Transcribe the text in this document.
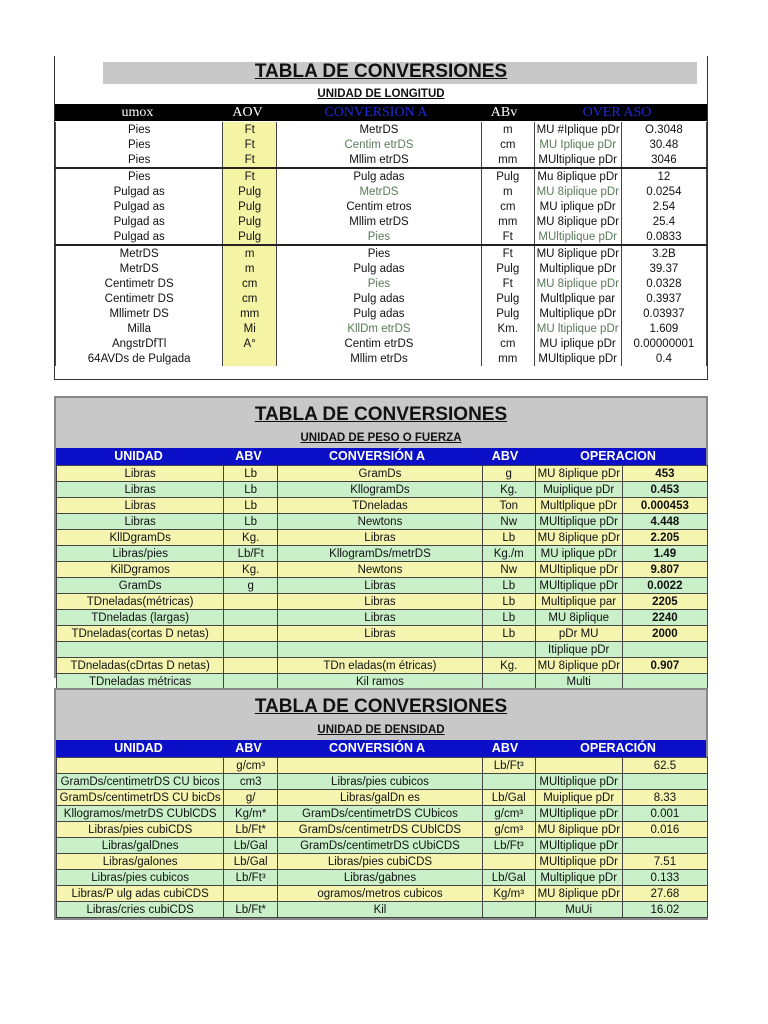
TABLA DE CONVERSIONES
UNIDAD DE LONGITUD
umox	AOV	CONVERSION A	ABv	OVER ASO
Pies	Ft	MetrDS	m	MU #Iplique pDr	O.3048
Pies	Ft	Centim etrDS	cm	MU Iplique pDr	30.48
Pies	Ft	Mllim etrDS	mm	MUltiplique pDr	3046
Pies	Ft	Pulg adas	Pulg	Mu 8iplique pDr	12
Pulgad as	Pulg	MetrDS	m	MU 8iplique pDr	0.0254
Pulgad as	Pulg	Centim etros	cm	MU iplique pDr	2.54
Pulgad as	Pulg	Mllim etrDS	mm	MU 8iplique pDr	25.4
Pulgad as	Pulg	Pies	Ft	MUltiplique pDr	0.0833
MetrDS	m	Pies	Ft	MU 8iplique pDr	3.2B
MetrDS	m	Pulg adas	Pulg	Multiplique pDr	39.37
Centimetr DS	cm	Pies	Ft	MU 8iplique pDr	0.0328
Centimetr DS	cm	Pulg adas	Pulg	Multlplique par	0.3937
Mllimetr DS	mm	Pulg adas	Pulg	Multiplique pDr	0.03937
Milla	Mi	KllDm etrDS	Km.	MU ltiplique pDr	1.609
AngstrDfTl	A°	Centim etrDS	cm	MU iplique pDr	0.00000001
64AVDs de Pulgada		Mllim etrDs	mm	MUltiplique pDr	0.4
TABLA DE CONVERSIONES
UNIDAD DE PESO O FUERZA
UNIDAD	ABV	CONVERSIÓN A	ABV	OPERACION
Libras	Lb	GramDs	g	MU 8iplique pDr	453
Libras	Lb	KllogramDs	Kg.	Muiplique pDr	0.453
Libras	Lb	TDneladas	Ton	Multlplique pDr	0.000453
Libras	Lb	Newtons	Nw	MUltiplique pDr	4.448
KllDgramDs	Kg.	Libras	Lb	MU 8iplique pDr	2.205
Libras/pies	Lb/Ft	KllogramDs/metrDS	Kg./m	MU iplique pDr	1.49
KilDgramos	Kg.	Newtons	Nw	MUltiplique pDr	9.807
GramDs	g	Libras	Lb	MUltiplique pDr	0.0022
TDneladas(métricas)		Libras	Lb	Multiplique par	2205
TDneladas (largas)		Libras	Lb	MU 8iplique	2240
TDneladas(cortas D netas)		Libras	Lb	pDr MU	2000
				Itiplique pDr	
TDneladas(cDrtas D netas)		TDn eladas(m étricas)	Kg.	MU 8iplique pDr	0.907
TDneladas métricas		Kil ramos		Multi	
TABLA DE CONVERSIONES
UNIDAD DE DENSIDAD
UNIDAD	ABV	CONVERSIÓN A	ABV	OPERACIÓN
	g/cm³		Lb/Ft³		62.5
GramDs/centimetrDS CU bicos	cm3	Libras/pies cubicos		MUltiplique pDr	
GramDs/centimetrDS CU bicDs	g/	Libras/galDn es	Lb/Gal	Muiplique pDr	8.33
Kllogramos/metrDS CUblCDS	Kg/m*	GramDs/centimetrDS CUbicos	g/cm³	MUltiplique pDr	0.001
Libras/pies cubiCDS	Lb/Ft*	GramDs/centimetrDS CUblCDS	g/cm³	MU 8iplique pDr	0.016
Libras/galDnes	Lb/Gal	GramDs/centimetrDS cUbiCDS	Lb/Ft³	MUltiplique pDr	
Libras/galones	Lb/Gal	Libras/pies cubiCDS		MUltiplique pDr	7.51
Libras/pies cubicos	Lb/Ft³	Libras/gabnes	Lb/Gal	Multiplique pDr	0.133
Libras/P ulg adas cubiCDS		ogramos/metros cubicos	Kg/m³	MU 8iplique pDr	27.68
Libras/cries cubiCDS	Lb/Ft*	Kil		MuUi	16.02
